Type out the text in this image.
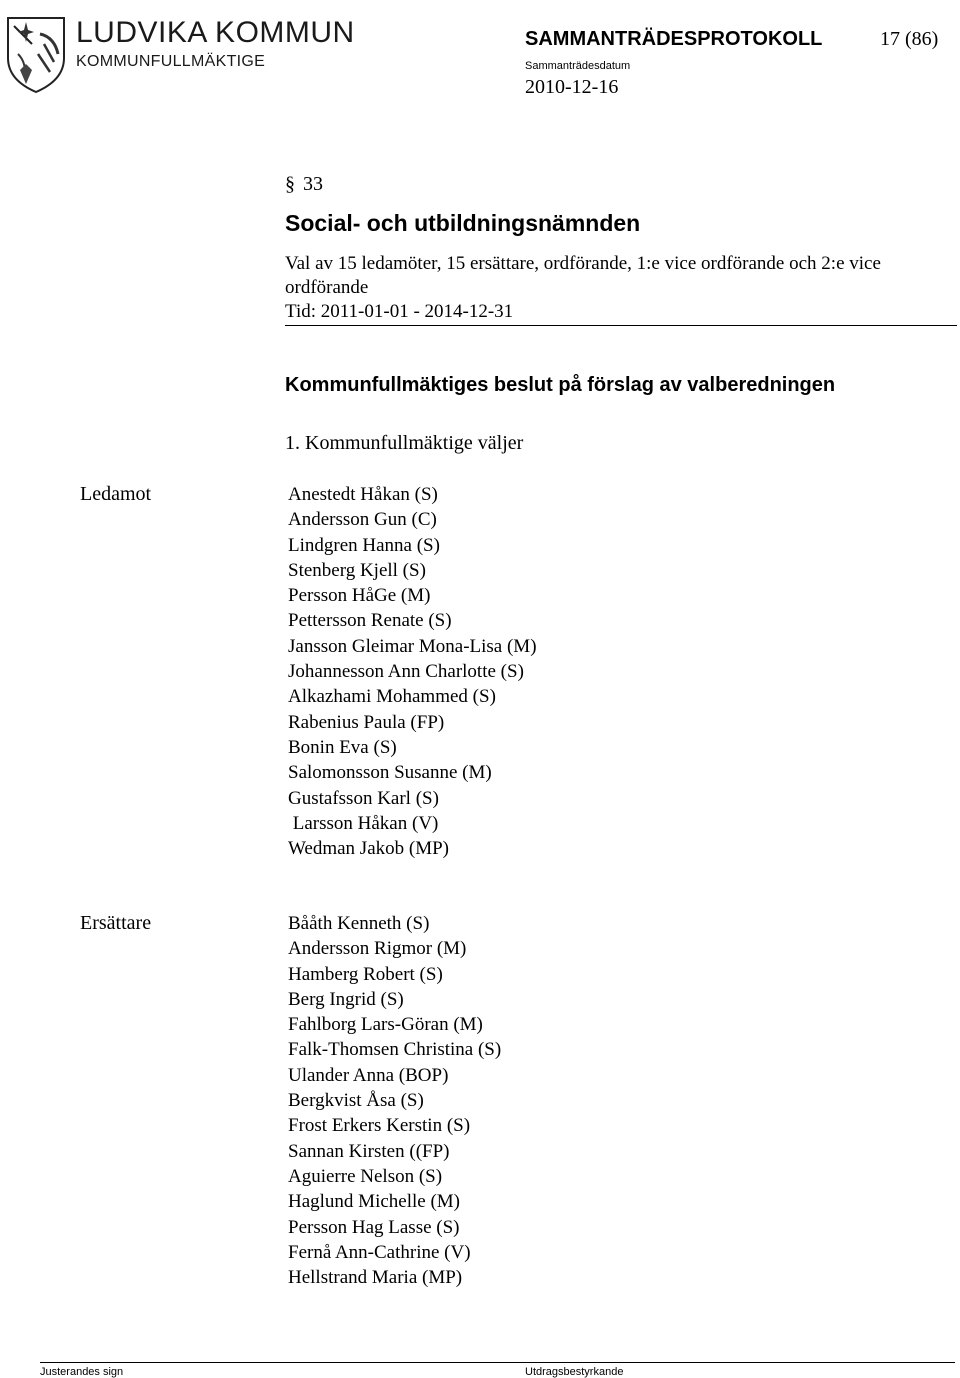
LUDVIKA KOMMUN
KOMMUNFULLMÄKTIGE
SAMMANTRÄDESPROTOKOLL	17 (86)
Sammanträdesdatum
2010-12-16
§ 33
Social- och utbildningsnämnden
Val av 15 ledamöter, 15 ersättare, ordförande, 1:e vice ordförande och 2:e vice ordförande
Tid: 2011-01-01 - 2014-12-31
Kommunfullmäktiges beslut på förslag av valberedningen
1. Kommunfullmäktige väljer
Ledamot	Anestedt Håkan (S)
Andersson Gun (C)
Lindgren Hanna (S)
Stenberg Kjell (S)
Persson HåGe (M)
Pettersson Renate (S)
Jansson Gleimar Mona-Lisa (M)
Johannesson Ann Charlotte (S)
Alkazhami Mohammed (S)
Rabenius Paula (FP)
Bonin Eva (S)
Salomonsson Susanne (M)
Gustafsson Karl (S)
Larsson Håkan (V)
Wedman Jakob (MP)
Ersättare	Bååth Kenneth (S)
Andersson Rigmor (M)
Hamberg Robert (S)
Berg Ingrid (S)
Fahlborg Lars-Göran (M)
Falk-Thomsen Christina (S)
Ulander Anna (BOP)
Bergkvist Åsa (S)
Frost Erkers Kerstin (S)
Sannan Kirsten ((FP)
Aguierre Nelson (S)
Haglund Michelle (M)
Persson Hag Lasse (S)
Fernå Ann-Cathrine (V)
Hellstrand Maria (MP)
Justerandes sign	Utdragsbestyrkande
